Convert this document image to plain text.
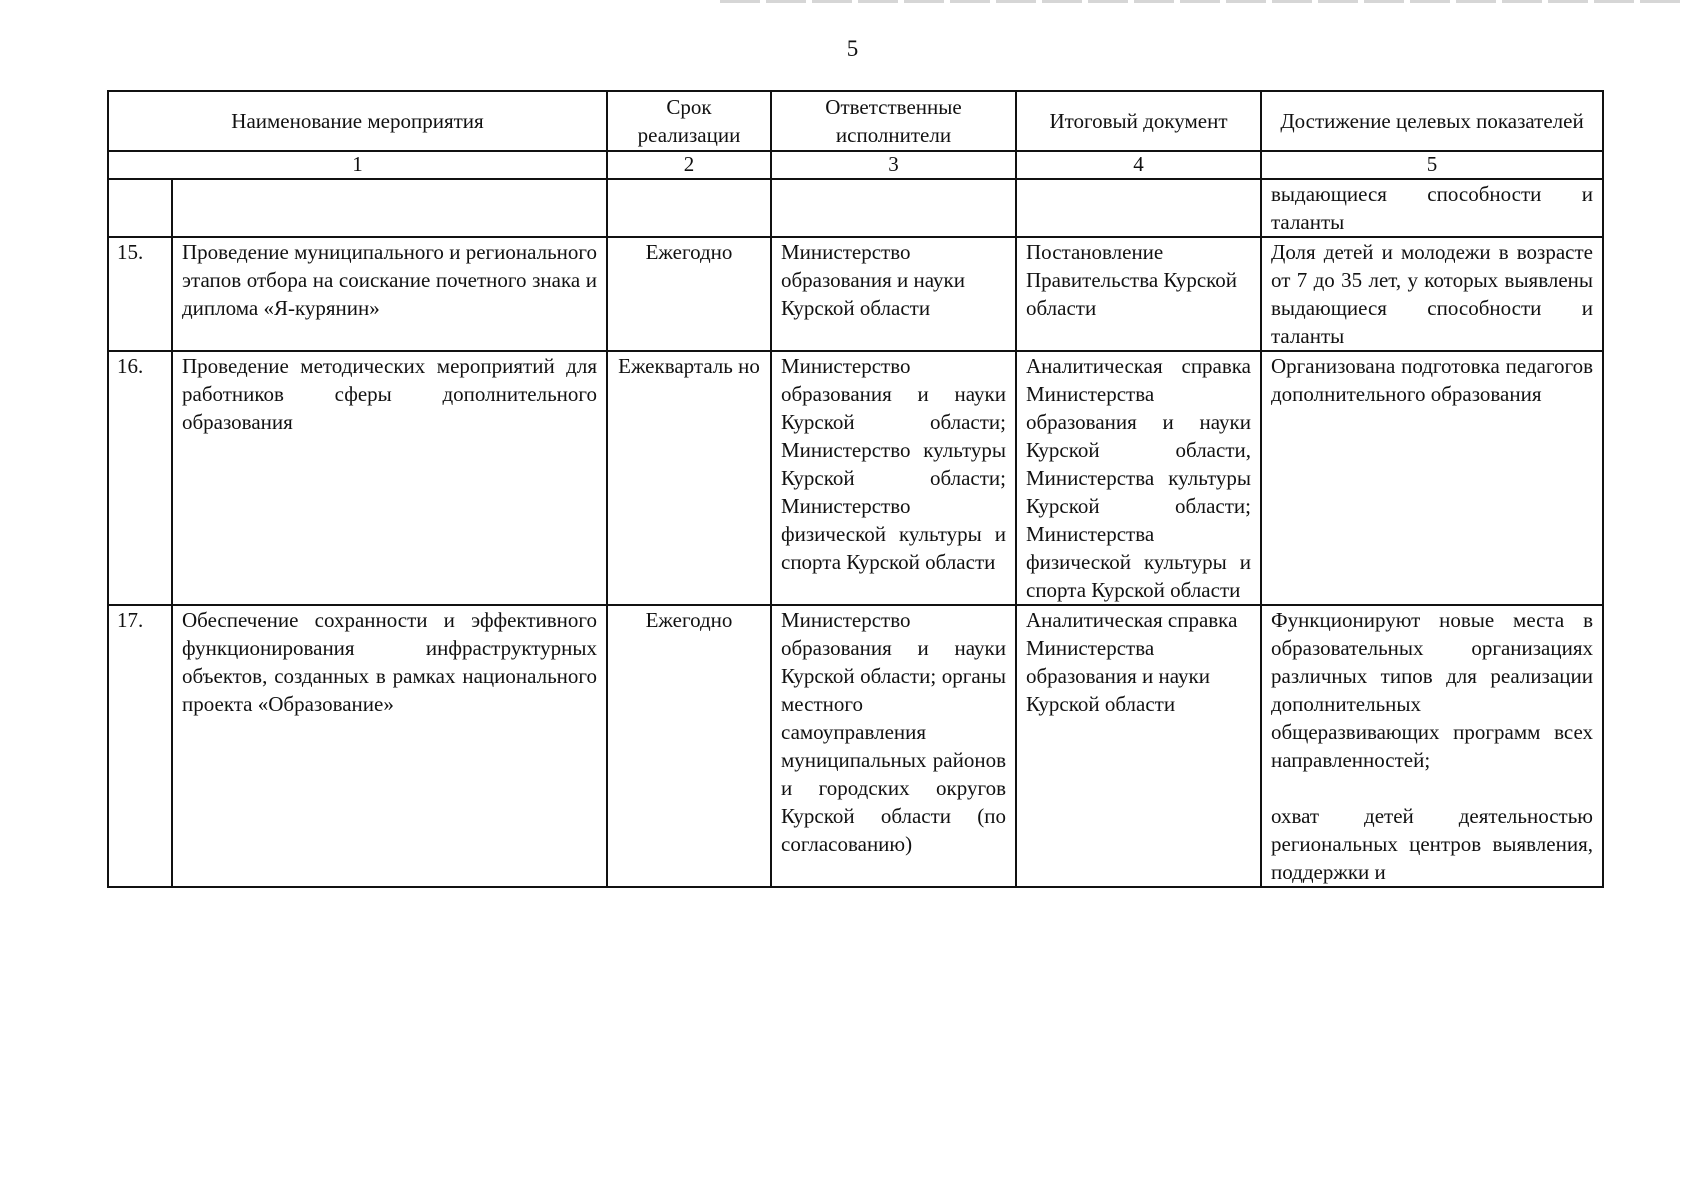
5
Наименование мероприятия		Срок реализации	Ответственные исполнители	Итоговый документ	Достижение целевых показателей
1		2	3	4	5
					выдающиеся способности и таланты
15.	Проведение муниципального и регионального этапов отбора на соискание почетного знака и диплома «Я-курянин»	Ежегодно	Министерство образования и науки Курской области	Постановление Правительства Курской области	Доля детей и молодежи в возрасте от 7 до 35 лет, у которых выявлены выдающиеся способности и таланты
16.	Проведение методических мероприятий для работников сферы дополнительного образования	Ежекварталь но	Министерство образования и науки Курской области; Министерство культуры Курской области; Министерство физической культуры и спорта Курской области	Аналитическая справка Министерства образования и науки Курской области, Министерства культуры Курской области; Министерства физической культуры и спорта Курской области	Организована подготовка педагогов дополнительного образования
17.	Обеспечение сохранности и эффективного функционирования инфраструктурных объектов, созданных в рамках национального проекта «Образование»	Ежегодно	Министерство образования и науки Курской области; органы местного самоуправления муниципальных районов и городских округов Курской области (по согласованию)	Аналитическая справка Министерства образования и науки Курской области	Функционируют новые места в образовательных организациях различных типов для реализации дополнительных общеразвивающих программ всех направленностей;
охват детей деятельностью региональных центров выявления, поддержки и
